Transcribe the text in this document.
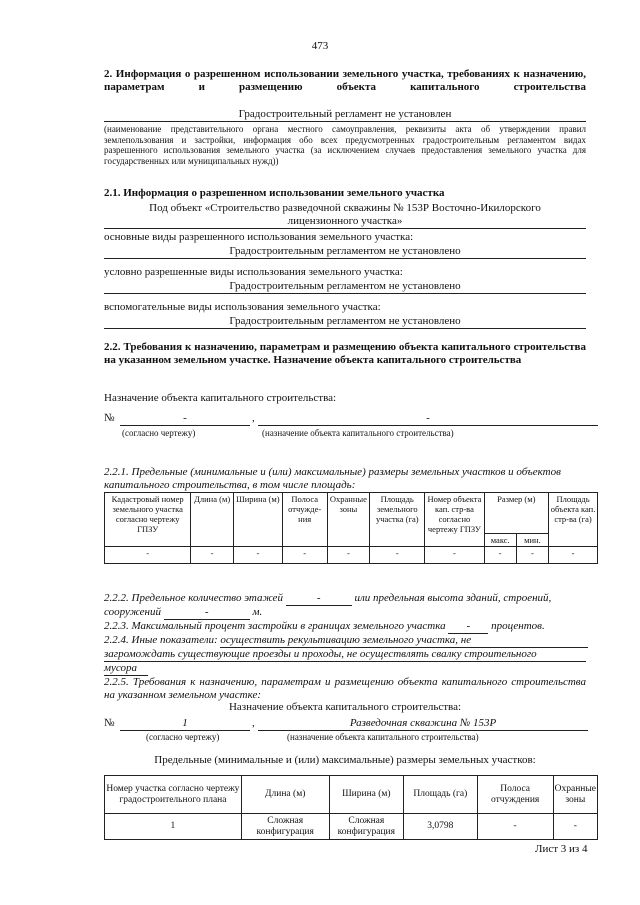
473
2. Информация о разрешенном использовании земельного участка, требованиях к назначению, параметрам и размещению объекта капитального строительства
Градостроительный регламент не установлен
(наименование представительного органа местного самоуправления, реквизиты акта об утверждении правил землепользования и застройки, информация обо всех предусмотренных градостроительным регламентом видах разрешенного использования земельного участка (за исключением случаев предоставления земельного участка для государственных или муниципальных нужд))
2.1. Информация о разрешенном использовании земельного участка
Под объект «Строительство разведочной скважины № 153Р Восточно-Икилорского
лицензионного участка»
основные виды разрешенного использования земельного участка:
Градостроительным регламентом не установлено
условно разрешенные виды использования земельного участка:
Градостроительным регламентом не установлено
вспомогательные виды использования земельного участка:
Градостроительным регламентом не установлено
2.2. Требования к назначению, параметрам и размещению объекта капитального строительства на указанном земельном участке. Назначение объекта капитального строительства
Назначение объекта капитального строительства:
№	-	,	-
(согласно чертежу)	(назначение объекта капитального строительства)
2.2.1. Предельные (минимальные и (или) максимальные) размеры земельных участков и объектов капитального строительства, в том числе площадь:
Кадастровый номер земельного участка согласно чертежу ГПЗУ	Длина (м)	Ширина (м)	Полоса отчужде-ния	Охранные зоны	Площадь земельного участка (га)	Номер объекта кап. стр-ва согласно чертежу ГПЗУ	Размер (м)		Площадь объекта кап. стр-ва (га)
							макс.	мин.	
-	-	-	-	-	-	-	-	-	-
2.2.2. Предельное количество этажей	-	или предельная высота зданий, строений,
сооружений	-	м.
2.2.3. Максимальный процент застройки в границах земельного участка - процентов.
2.2.4. Иные показатели: осуществить рекультивацию земельного участка, не
загромождать существующие проезды и проходы, не осуществлять свалку строительного
мусора
2.2.5. Требования к назначению, параметрам и размещению объекта капитального строительства на указанном земельном участке:
Назначение объекта капитального строительства:
№	1	,	Разведочная скважина № 153Р
(согласно чертежу)	(назначение объекта капитального строительства)
Предельные (минимальные и (или) максимальные) размеры земельных участков:
Номер участка согласно чертежу градостроительного плана	Длина (м)	Ширина (м)	Площадь (га)	Полоса отчуждения	Охранные зоны
1	Сложная конфигурация	Сложная конфигурация	3,0798	-	-
Лист 3 из 4
